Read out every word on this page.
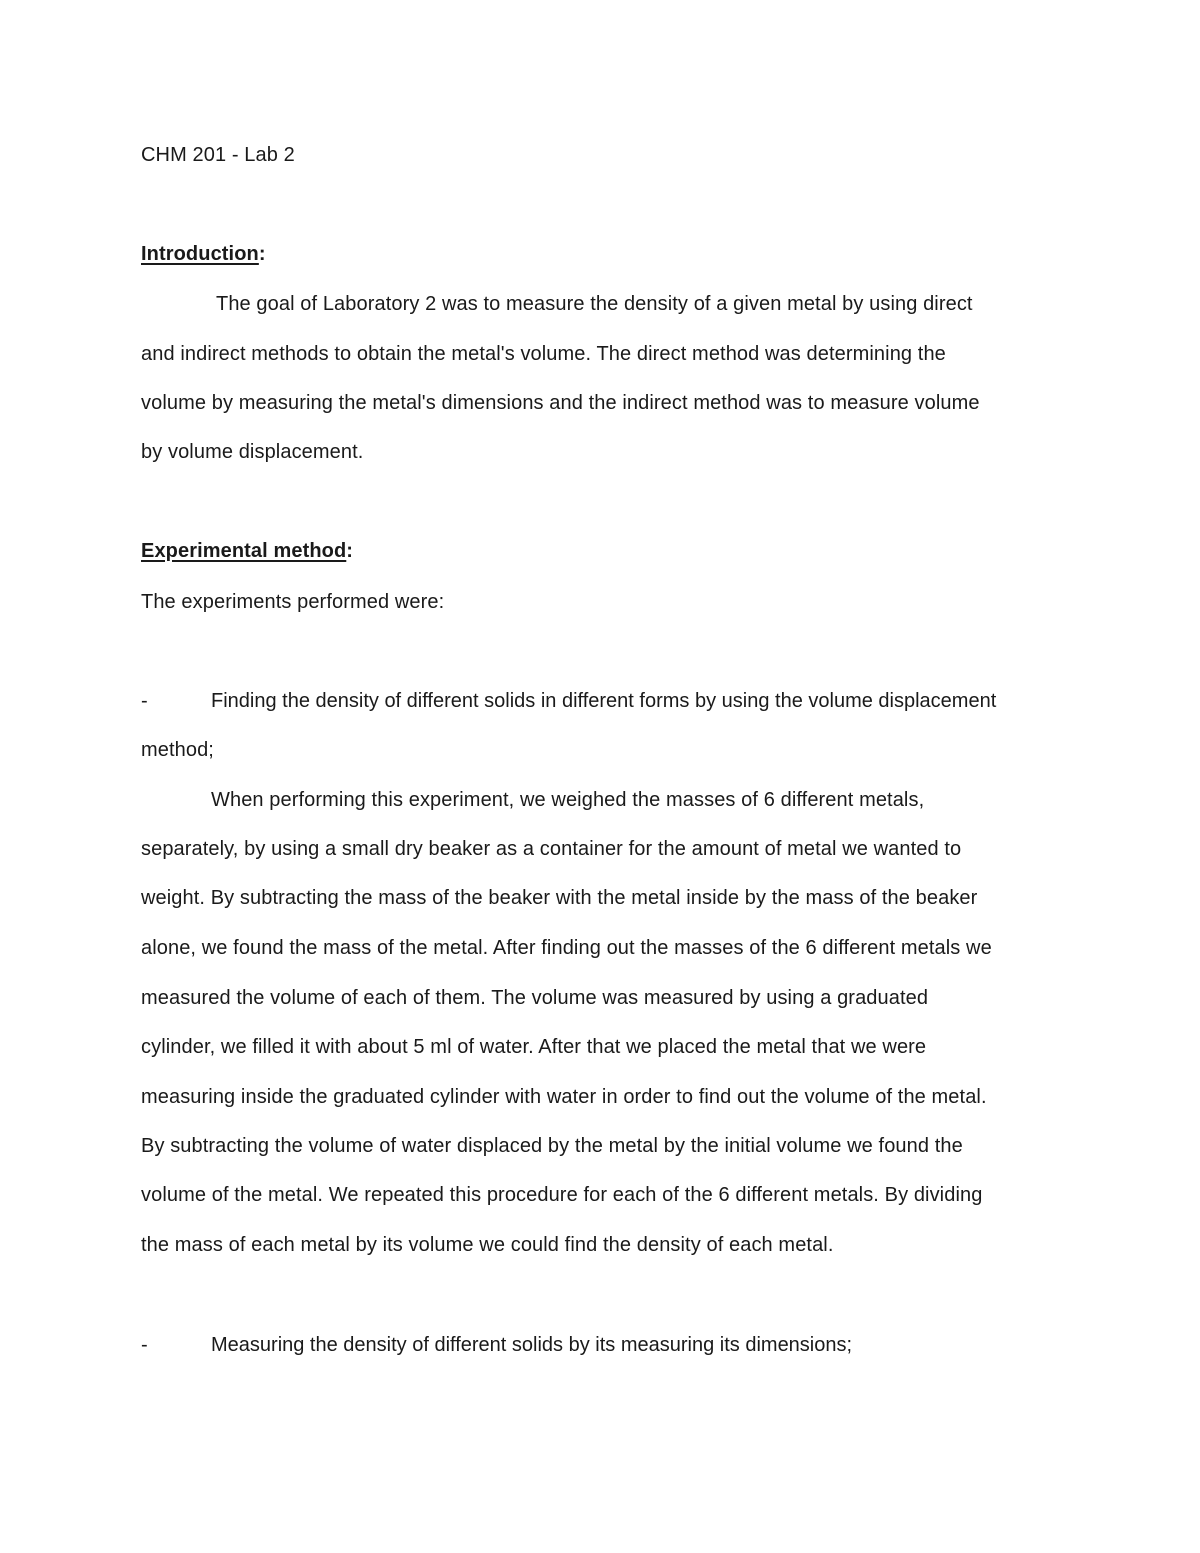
CHM 201 - Lab 2
Introduction:
The goal of Laboratory 2 was to measure the density of a given metal by using direct
and indirect methods to obtain the metal's volume. The direct method was determining the
volume by measuring the metal's dimensions and the indirect method was to measure volume
by volume displacement.
Experimental method:
The experiments performed were:
-	Finding the density of different solids in different forms by using the volume displacement
method;
When performing this experiment, we weighed the masses of 6 different metals,
separately, by using a small dry beaker as a container for the amount of metal we wanted to
weight. By subtracting the mass of the beaker with the metal inside by the mass of the beaker
alone, we found the mass of the metal. After finding out the masses of the 6 different metals we
measured the volume of each of them. The volume was measured by using a graduated
cylinder, we filled it with about 5 ml of water. After that we placed the metal that we were
measuring inside the graduated cylinder with water in order to find out the volume of the metal.
By subtracting the volume of water displaced by the metal by the initial volume we found the
volume of the metal. We repeated this procedure for each of the 6 different metals. By dividing
the mass of each metal by its volume we could find the density of each metal.
-	Measuring the density of different solids by its measuring its dimensions;
